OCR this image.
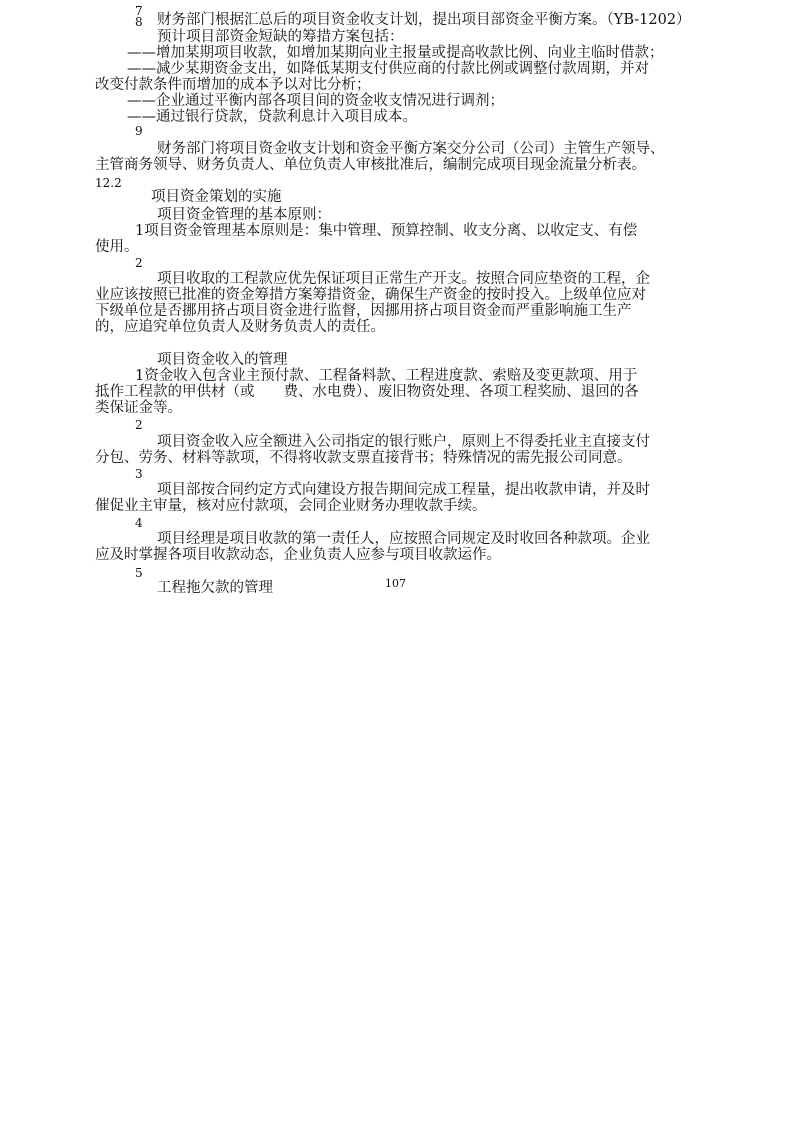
7
8 财务部门根据汇总后的项目资金收支计划，提出项目部资金平衡方案。（YB-1202）
预计项目部资金短缺的筹措方案包括：
——增加某期项目收款，如增加某期向业主报量或提高收款比例、向业主临时借款；
——减少某期资金支出，如降低某期支付供应商的付款比例或调整付款周期，并对
改变付款条件而增加的成本予以对比分析；
——企业通过平衡内部各项目间的资金收支情况进行调剂；
——通过银行贷款，贷款利息计入项目成本。
9
财务部门将项目资金收支计划和资金平衡方案交分公司（公司）主管生产领导、
主管商务领导、财务负责人、单位负责人审核批准后，编制完成项目现金流量分析表。
12.2
项目资金策划的实施
项目资金管理的基本原则：
1项目资金管理基本原则是：集中管理、预算控制、收支分离、以收定支、有偿
使用。
2
项目收取的工程款应优先保证项目正常生产开支。按照合同应垫资的工程，企
业应该按照已批准的资金筹措方案筹措资金，确保生产资金的按时投入。上级单位应对
下级单位是否挪用挤占项目资金进行监督，因挪用挤占项目资金而严重影响施工生产
的，应追究单位负责人及财务负责人的责任。
项目资金收入的管理
1资金收入包含业主预付款、工程备料款、工程进度款、索赔及变更款项、用于
抵作工程款的甲供材（或　　费、水电费）、废旧物资处理、各项工程奖励、退回的各
类保证金等。
2
项目资金收入应全额进入公司指定的银行账户，原则上不得委托业主直接支付
分包、劳务、材料等款项，不得将收款支票直接背书；特殊情况的需先报公司同意。
3
项目部按合同约定方式向建设方报告期间完成工程量，提出收款申请，并及时
催促业主审量，核对应付款项，会同企业财务办理收款手续。
4
项目经理是项目收款的第一责任人，应按照合同规定及时收回各种款项。企业
应及时掌握各项目收款动态，企业负责人应参与项目收款运作。
5
工程拖欠款的管理	107
